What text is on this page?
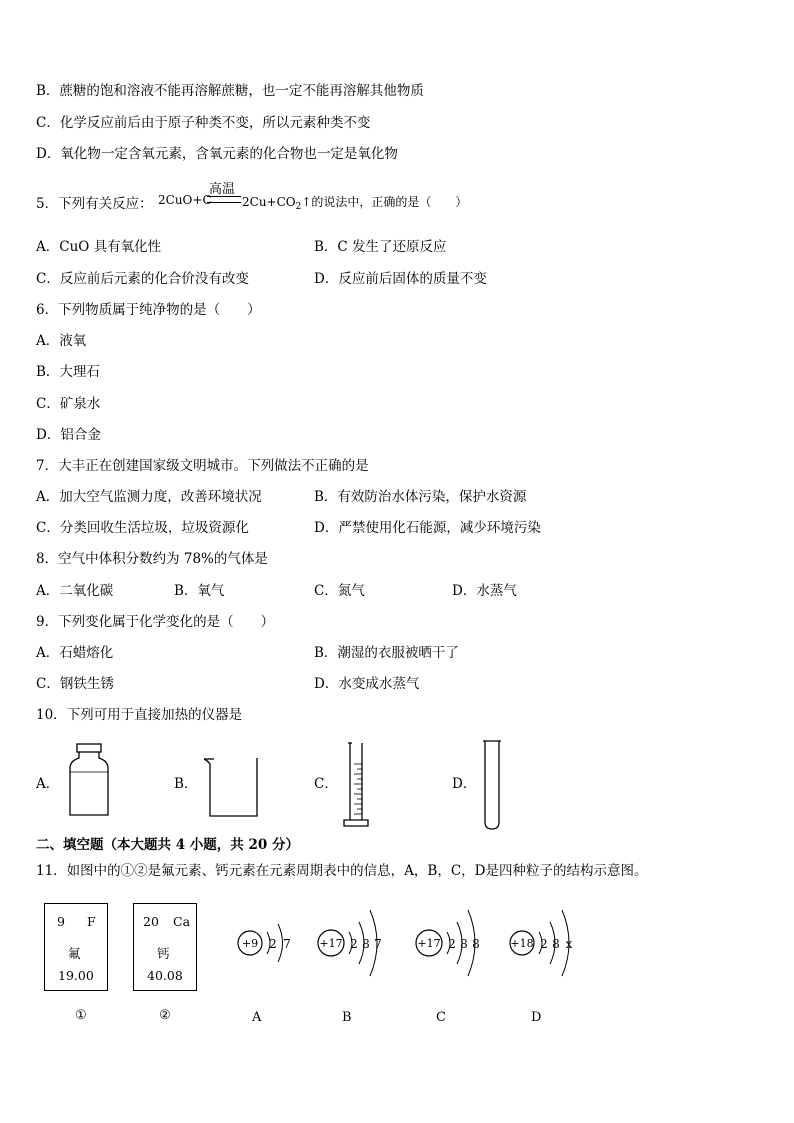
B．蔗糖的饱和溶液不能再溶解蔗糖，也一定不能再溶解其他物质
C．化学反应前后由于原子种类不变，所以元素种类不变
D．氧化物一定含氧元素，含氧元素的化合物也一定是氧化物
5．下列有关反应： 2CuO+C
高温
$2Cu+CO_2↑$的说法中，正确的是（　　）
A．CuO 具有氧化性	B．C 发生了还原反应
C．反应前后元素的化合价没有改变	D．反应前后固体的质量不变
6．下列物质属于纯净物的是（　　）
A．液氧
B．大理石
C．矿泉水
D．铝合金
7．大丰正在创建国家级文明城市。下列做法不正确的是
A．加大空气监测力度，改善环境状况	B．有效防治水体污染，保护水资源
C．分类回收生活垃圾，垃圾资源化	D．严禁使用化石能源，减少环境污染
8．空气中体积分数约为 78%的气体是
A．二氧化碳	B．氧气	C．氮气	D．水蒸气
9．下列变化属于化学变化的是（　　）
A．石蜡熔化	B．潮湿的衣服被晒干了
C．钢铁生锈	D．水变成水蒸气
10．下列可用于直接加热的仪器是
A．	B．	C．	D．
二、填空题（本大题共 4 小题，共 20 分）
11．如图中的①②是氟元素、钙元素在元素周期表中的信息，A，B，C，D是四种粒子的结构示意图。
9 F
氟
19.00
①
20 Ca
钙
40.08
②
+9 2 7
A
+17 2 8 7
B
+17 2 8 8
C
+18 2 8 x
D
